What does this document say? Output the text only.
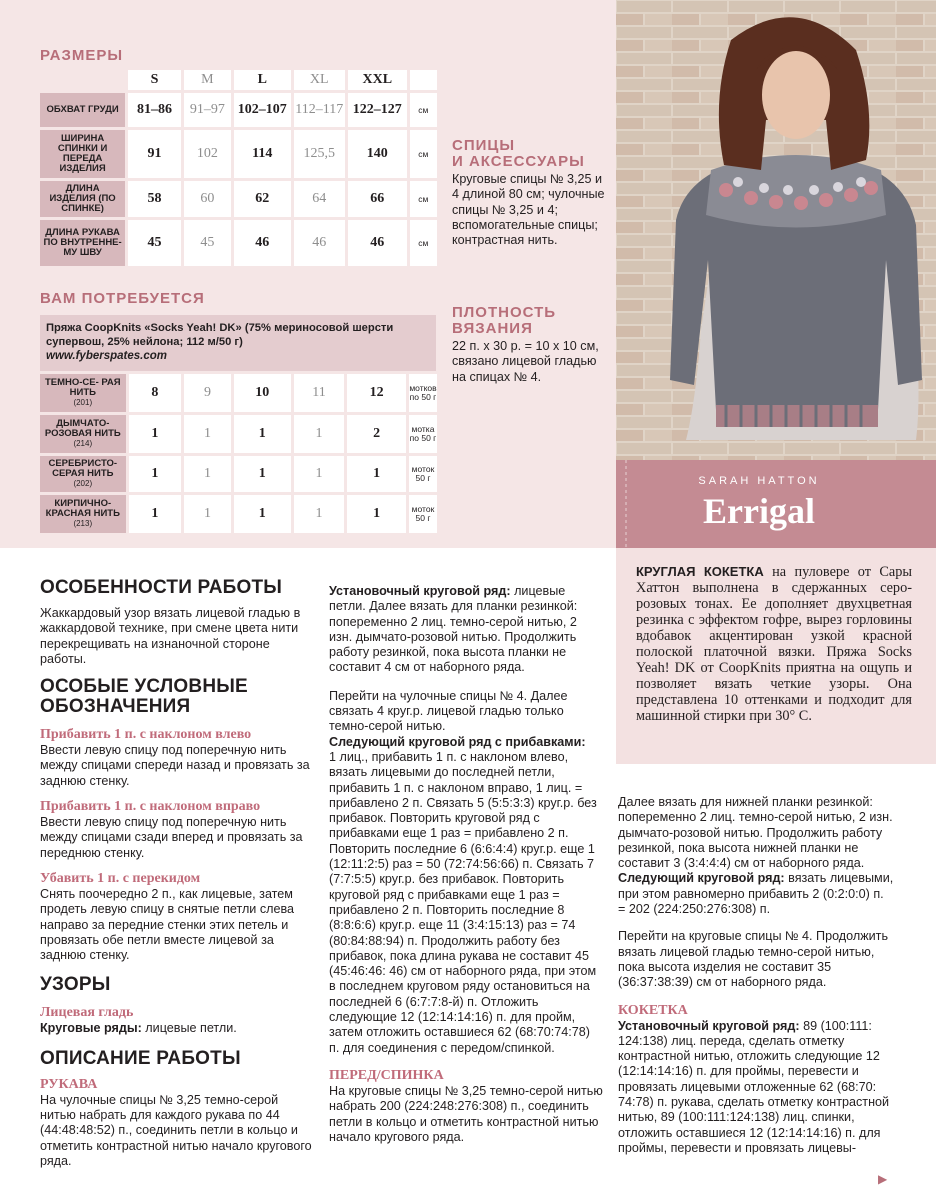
РАЗМЕРЫ
	S	M	L	XL	XXL	
ОБХВАТ ГРУДИ	81–86	91–97	102–107	112–117	122–127	см
ШИРИНА СПИНКИ И ПЕРЕДА ИЗДЕЛИЯ	91	102	114	125,5	140	см
ДЛИНА ИЗДЕЛИЯ (ПО СПИНКЕ)	58	60	62	64	66	см
ДЛИНА РУКАВА ПО ВНУТРЕННЕ- МУ ШВУ	45	45	46	46	46	см
СПИЦЫ
И АКСЕССУАРЫ
Круговые спицы № 3,25 и 4 длиной 80 см; чулочные спицы № 3,25 и 4; вспомогательные спицы; контрастная нить.
ПЛОТНОСТЬ
ВЯЗАНИЯ
22 п. х 30 р. = 10 х 10 см, связано лицевой гладью на спицах № 4.
ВАМ ПОТРЕБУЕТСЯ
Пряжа CoopKnits «Socks Yeah! DK» (75% мериносовой шерсти
супервош, 25% нейлона; 112 м/50 г)
www.fyberspates.com
ТЕМНО-СЕ- РАЯ НИТЬ
(201)	8	9	10	11	12	мотков по 50 г
ДЫМЧАТО- РОЗОВАЯ НИТЬ
(214)	1	1	1	1	2	мотка по 50 г
СЕРЕБРИСТО- СЕРАЯ НИТЬ
(202)	1	1	1	1	1	моток 50 г
КИРПИЧНО- КРАСНАЯ НИТЬ
(213)	1	1	1	1	1	моток 50 г
SARAH HATTON
Errigal
КРУГЛАЯ КОКЕТКА на пуловере от Сары Хаттон выполнена в сдержанных серо-розовых тонах. Ее дополняет двухцветная резинка с эффектом гофре, вырез горловины вдобавок акцентирован узкой красной полоской платочной вязки. Пряжа Socks Yeah! DK от CoopKnits приятна на ощупь и позволяет вязать четкие узоры. Она представлена 10 оттенками и подходит для машинной стирки при 30° С.
ОСОБЕННОСТИ РАБОТЫ
Жаккардовый узор вязать лицевой гладью в жаккардовой технике, при смене цвета нити перекрещивать на изнаночной стороне работы.
ОСОБЫЕ УСЛОВНЫЕ ОБОЗНАЧЕНИЯ
Прибавить 1 п. с наклоном влево
Ввести левую спицу под поперечную нить между спицами спереди назад и провязать за заднюю стенку.
Прибавить 1 п. с наклоном вправо
Ввести левую спицу под поперечную нить между спицами сзади вперед и провязать за переднюю стенку.
Убавить 1 п. с перекидом
Снять поочередно 2 п., как лицевые, затем продеть левую спицу в снятые петли слева направо за передние стенки этих петель и провязать обе петли вместе лицевой за заднюю стенку.
УЗОРЫ
Лицевая гладь
Круговые ряды: лицевые петли.
ОПИСАНИЕ РАБОТЫ
РУКАВА
На чулочные спицы № 3,25 темно-серой нитью набрать для каждого рукава по 44 (44:48:48:52) п., соединить петли в кольцо и отметить контрастной нитью начало кругового ряда.
Установочный круговой ряд: лицевые петли. Далее вязать для планки резинкой: попеременно 2 лиц. темно-серой нитью, 2 изн. дымчато-розовой нитью. Продолжить работу резинкой, пока высота планки не составит 4 см от наборного ряда.
Перейти на чулочные спицы № 4. Далее связать 4 круг.р. лицевой гладью только темно-серой нитью.
Следующий круговой ряд с прибавками:
1 лиц., прибавить 1 п. с наклоном влево, вязать лицевыми до последней петли, прибавить 1 п. с наклоном вправо, 1 лиц. = прибавлено 2 п. Связать 5 (5:5:3:3) круг.р. без прибавок. Повторить круговой ряд с прибавками еще 1 раз = прибавлено 2 п. Повторить последние 6 (6:6:4:4) круг.р. еще 1 (12:11:2:5) раз = 50 (72:74:56:66) п. Связать 7 (7:7:5:5) круг.р. без прибавок. Повторить круговой ряд с прибавками еще 1 раз = прибавлено 2 п. Повторить последние 8 (8:8:6:6) круг.р. еще 11 (3:4:15:13) раз = 74 (80:84:88:94) п. Продолжить работу без прибавок, пока длина рукава не составит 45 (45:46:46: 46) см от наборного ряда, при этом в последнем круговом ряду остановиться на последней 6 (6:7:7:8-й) п. Отложить следующие 12 (12:14:14:16) п. для пройм, затем отложить оставшиеся 62 (68:70:74:78) п. для соединения с передом/спинкой.
ПЕРЕД/СПИНКА
На круговые спицы № 3,25 темно-серой нитью набрать 200 (224:248:276:308) п., соединить петли в кольцо и отметить контрастной нитью начало кругового ряда.
Далее вязать для нижней планки резинкой: попеременно 2 лиц. темно-серой нитью, 2 изн. дымчато-розовой нитью. Продолжить работу резинкой, пока высота нижней планки не составит 3 (3:4:4:4) см от наборного ряда.
Следующий круговой ряд: вязать лицевыми, при этом равномерно прибавить 2 (0:2:0:0) п. = 202 (224:250:276:308) п.
Перейти на круговые спицы № 4. Продолжить вязать лицевой гладью темно-серой нитью, пока высота изделия не составит 35 (36:37:38:39) см от наборного ряда.
КОКЕТКА
Установочный круговой ряд: 89 (100:111: 124:138) лиц. переда, сделать отметку контрастной нитью, отложить следующие 12 (12:14:14:16) п. для проймы, перевести и провязать лицевыми отложенные 62 (68:70: 74:78) п. рукава, сделать отметку контрастной нитью, 89 (100:111:124:138) лиц. спинки, отложить оставшиеся 12 (12:14:14:16) п. для проймы, перевести и провязать лицевы-
▶
